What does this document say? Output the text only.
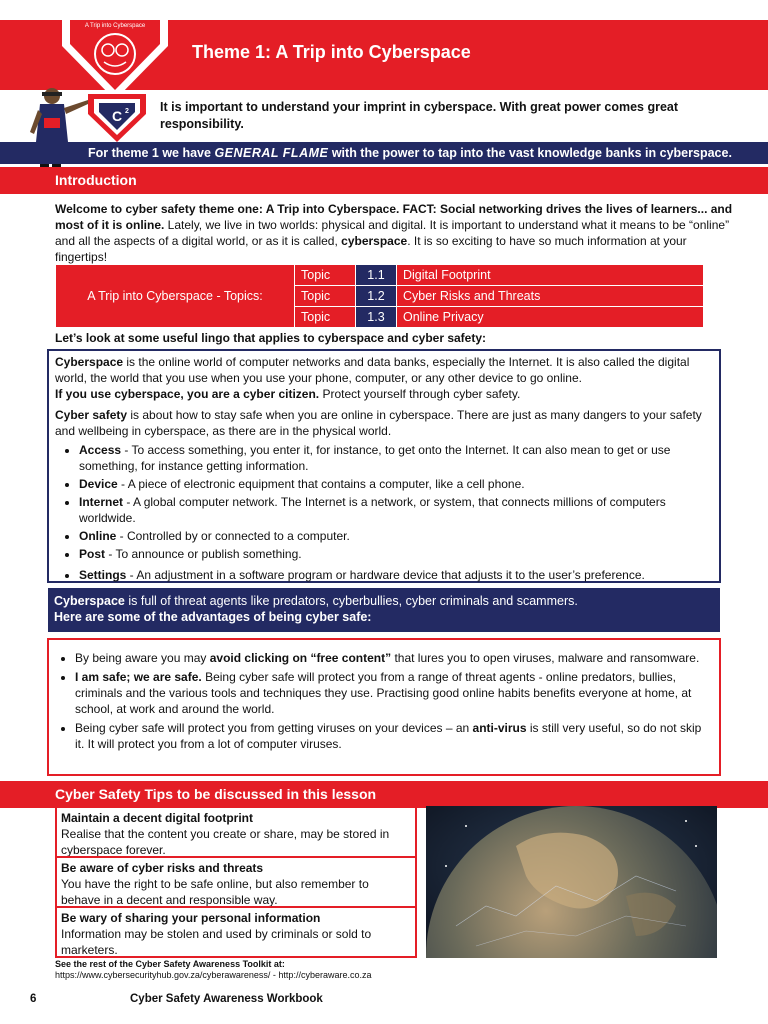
A Trip into Cyberspace
Theme 1: A Trip into Cyberspace
C 2 It is important to understand your imprint in cyberspace. With great power comes great responsibility.
For theme 1 we have GENERAL FLAME with the power to tap into the vast knowledge banks in cyberspace.
Introduction
Welcome to cyber safety theme one: A Trip into Cyberspace. FACT: Social networking drives the lives of learners... and most of it is online. Lately, we live in two worlds: physical and digital. It is important to understand what it means to be “online” and all the aspects of a digital world, or as it is called, cyberspace. It is so exciting to have so much information at your fingertips!
A Trip into Cyberspace - Topics:	Topic	1.1	Digital Footprint
	Topic	1.2	Cyber Risks and Threats
	Topic	1.3	Online Privacy
Let’s look at some useful lingo that applies to cyberspace and cyber safety:

Cyberspace is the online world of computer networks and data banks, especially the Internet. It is also called the digital world, the world that you use when you use your phone, computer, or any other device to go online.
If you use cyberspace, you are a cyber citizen. Protect yourself through cyber safety.

Cyber safety is about how to stay safe when you are online in cyberspace. There are just as many dangers to your safety and wellbeing in cyberspace, as there are in the physical world.

• Access - To access something, you enter it, for instance, to get onto the Internet. It can also mean to get or use something, for instance getting information.
• Device - A piece of electronic equipment that contains a computer, like a cell phone.
• Internet - A global computer network. The Internet is a network, or system, that connects millions of computers worldwide.
• Online - Controlled by or connected to a computer.
• Post - To announce or publish something.
• Settings - An adjustment in a software program or hardware device that adjusts it to the user’s preference.
Cyberspace is full of threat agents like predators, cyberbullies, cyber criminals and scammers.
Here are some of the advantages of being cyber safe:
• By being aware you may avoid clicking on “free content” that lures you to open viruses, malware and ransomware.
• I am safe; we are safe. Being cyber safe will protect you from a range of threat agents - online predators, bullies, criminals and the various tools and techniques they use. Practising good online habits benefits everyone at home, at school, at work and around the world.
• Being cyber safe will protect you from getting viruses on your devices – an anti-virus is still very useful, so do not skip it. It will protect you from a lot of computer viruses.
Cyber Safety Tips to be discussed in this lesson
Maintain a decent digital footprint
Realise that the content you create or share, may be stored in cyberspace forever.
Be aware of cyber risks and threats
You have the right to be safe online, but also remember to behave in a decent and responsible way.
Be wary of sharing your personal information
Information may be stolen and used by criminals or sold to marketers.
See the rest of the Cyber Safety Awareness Toolkit at:
https://www.cybersecurityhub.gov.za/cyberawareness/ - http://cyberaware.co.za
6	Cyber Safety Awareness Workbook
